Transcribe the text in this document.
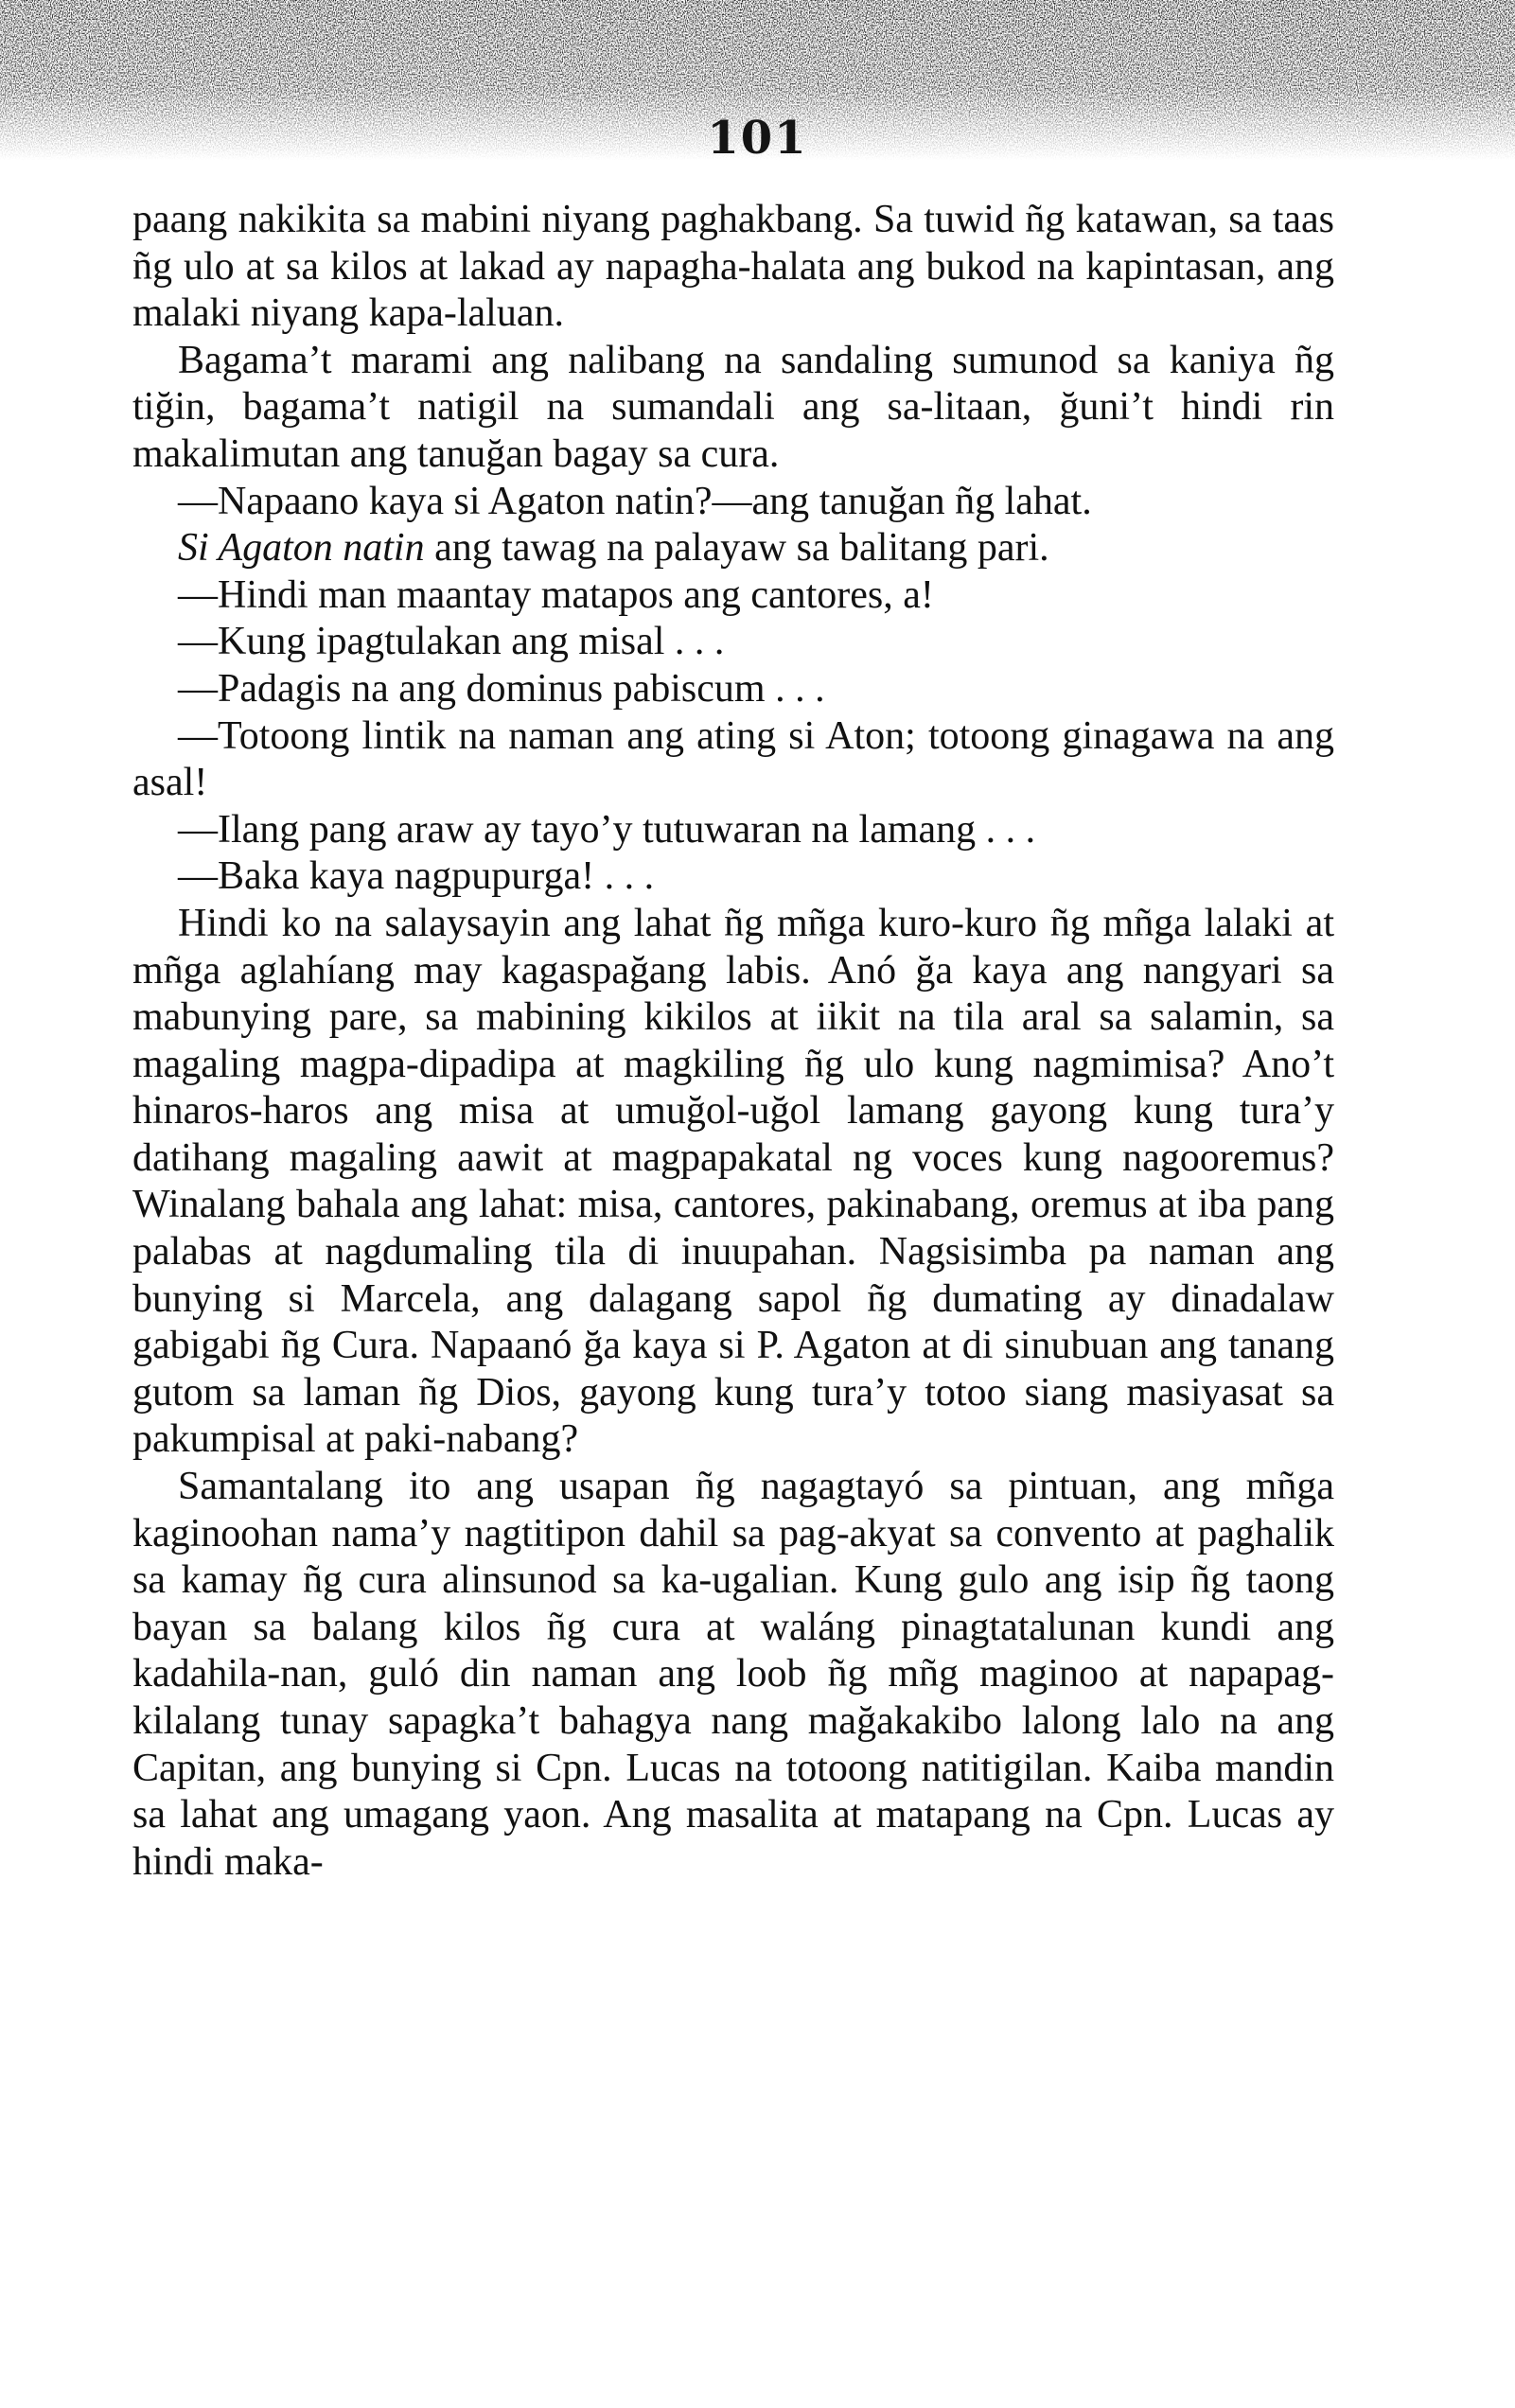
101

paang nakikita sa mabini niyang paghakbang. Sa tuwid ñg katawan, sa taas ñg ulo at sa kilos at lakad ay napagha-halata ang bukod na kapintasan, ang malaki niyang kapa-laluan.

Bagama’t marami ang nalibang na sandaling sumunod sa kaniya ñg tiğin, bagama’t natigil na sumandali ang sa-litaan, ğuni’t hindi rin makalimutan ang tanuğan bagay sa cura.

—Napaano kaya si Agaton natin?—ang tanuğan ñg lahat.

Si Agaton natin ang tawag na palayaw sa balitang pari.

—Hindi man maantay matapos ang cantores, a!

—Kung ipagtulakan ang misal . . .

—Padagis na ang dominus pabiscum . . .

—Totoong lintik na naman ang ating si Aton; totoong ginagawa na ang asal!

—Ilang pang araw ay tayo’y tutuwaran na lamang . . .

—Baka kaya nagpupurga! . . .

Hindi ko na salaysayin ang lahat ñg mñga kuro-kuro ñg mñga lalaki at mñga aglahíang may kagaspağang labis. Anó ğa kaya ang nangyari sa mabunying pare, sa mabining kikilos at iikit na tila aral sa salamin, sa magaling magpa-dipadipa at magkiling ñg ulo kung nagmimisa? Ano’t hinaros-haros ang misa at umuğol-uğol lamang gayong kung tura’y datihang magaling aawit at magpapakatal ng voces kung nagooremus? Winalang bahala ang lahat: misa, cantores, pakinabang, oremus at iba pang palabas at nagdumaling tila di inuupahan. Nagsisimba pa naman ang bunying si Marcela, ang dalagang sapol ñg dumating ay dinadalaw gabigabi ñg Cura. Napaanó ğa kaya si P. Agaton at di sinubuan ang tanang gutom sa laman ñg Dios, gayong kung tura’y totoo siang masiyasat sa pakumpisal at paki-nabang?

Samantalang ito ang usapan ñg nagagtayó sa pintuan, ang mñga kaginoohan nama’y nagtitipon dahil sa pag-akyat sa convento at paghalik sa kamay ñg cura alinsunod sa ka-ugalian. Kung gulo ang isip ñg taong bayan sa balang kilos ñg cura at waláng pinagtatalunan kundi ang kadahila-nan, guló din naman ang loob ñg mñg maginoo at napapag-kilalang tunay sapagka’t bahagya nang mağakakibo lalong lalo na ang Capitan, ang bunying si Cpn. Lucas na totoong natitigilan. Kaiba mandin sa lahat ang umagang yaon. Ang masalita at matapang na Cpn. Lucas ay hindi maka-
